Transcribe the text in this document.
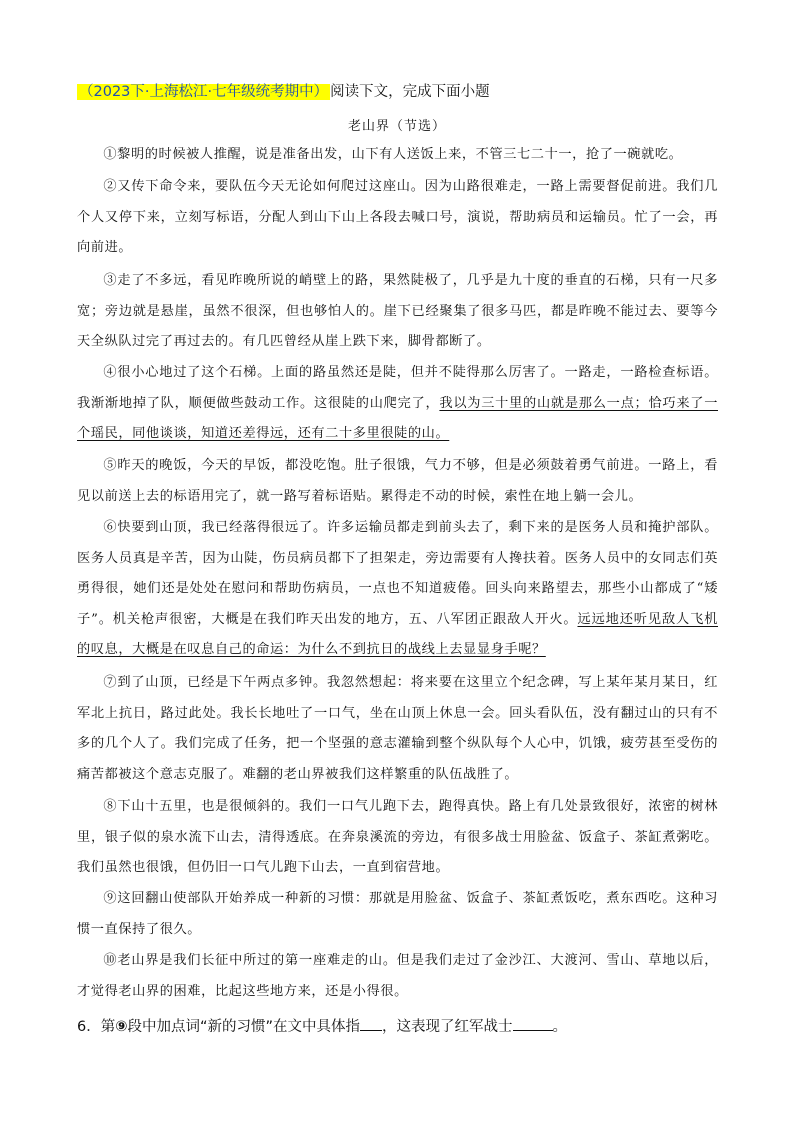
（2023下·上海松江·七年级统考期中） 阅读下文，完成下面小题
老山界（节选）

①黎明的时候被人推醒，说是准备出发，山下有人送饭上来，不管三七二十一，抢了一碗就吃。

②又传下命令来，要队伍今天无论如何爬过这座山。因为山路很难走，一路上需要督促前进。我们几个人又停下来，立刻写标语，分配人到山下山上各段去喊口号，演说，帮助病员和运输员。忙了一会，再向前进。

③走了不多远，看见昨晚所说的峭壁上的路，果然陡极了，几乎是九十度的垂直的石梯，只有一尺多宽；旁边就是悬崖，虽然不很深，但也够怕人的。崖下已经聚集了很多马匹，都是昨晚不能过去、要等今天全纵队过完了再过去的。有几匹曾经从崖上跌下来，脚骨都断了。

④很小心地过了这个石梯。上面的路虽然还是陡，但并不陡得那么厉害了。一路走，一路检查标语。我渐渐地掉了队，顺便做些鼓动工作。这很陡的山爬完了，我以为三十里的山就是那么一点；恰巧来了一个瑶民，同他谈谈，知道还差得远，还有二十多里很陡的山。

⑤昨天的晚饭，今天的早饭，都没吃饱。肚子很饿，气力不够，但是必须鼓着勇气前进。一路上，看见以前送上去的标语用完了，就一路写着标语贴。累得走不动的时候，索性在地上躺一会儿。

⑥快要到山顶，我已经落得很远了。许多运输员都走到前头去了，剩下来的是医务人员和掩护部队。医务人员真是辛苦，因为山陡，伤员病员都下了担架走，旁边需要有人搀扶着。医务人员中的女同志们英勇得很，她们还是处处在慰问和帮助伤病员，一点也不知道疲倦。回头向来路望去，那些小山都成了“矮子”。机关枪声很密，大概是在我们昨天出发的地方，五、八军团正跟敌人开火。远远地还听见敌人飞机的叹息，大概是在叹息自己的命运：为什么不到抗日的战线上去显显身手呢？

⑦到了山顶，已经是下午两点多钟。我忽然想起：将来要在这里立个纪念碑，写上某年某月某日，红军北上抗日，路过此处。我长长地吐了一口气，坐在山顶上休息一会。回头看队伍，没有翻过山的只有不多的几个人了。我们完成了任务，把一个坚强的意志灌输到整个纵队每个人心中，饥饿，疲劳甚至受伤的痛苦都被这个意志克服了。难翻的老山界被我们这样繁重的队伍战胜了。

⑧下山十五里，也是很倾斜的。我们一口气儿跑下去，跑得真快。路上有几处景致很好，浓密的树林里，银子似的泉水流下山去，清得透底。在奔泉溪流的旁边，有很多战士用脸盆、饭盒子、茶缸煮粥吃。我们虽然也很饿，但仍旧一口气儿跑下山去，一直到宿营地。

⑨这回翻山使部队开始养成一种新的习惯：那就是用脸盆、饭盒子、茶缸煮饭吃，煮东西吃。这种习惯一直保持了很久。

⑩老山界是我们长征中所过的第一座难走的山。但是我们走过了金沙江、大渡河、雪山、草地以后，才觉得老山界的困难，比起这些地方来，还是小得很。

6．第⑨段中加点词“新的习惯”在文中具体指 ，这表现了红军战士	。
